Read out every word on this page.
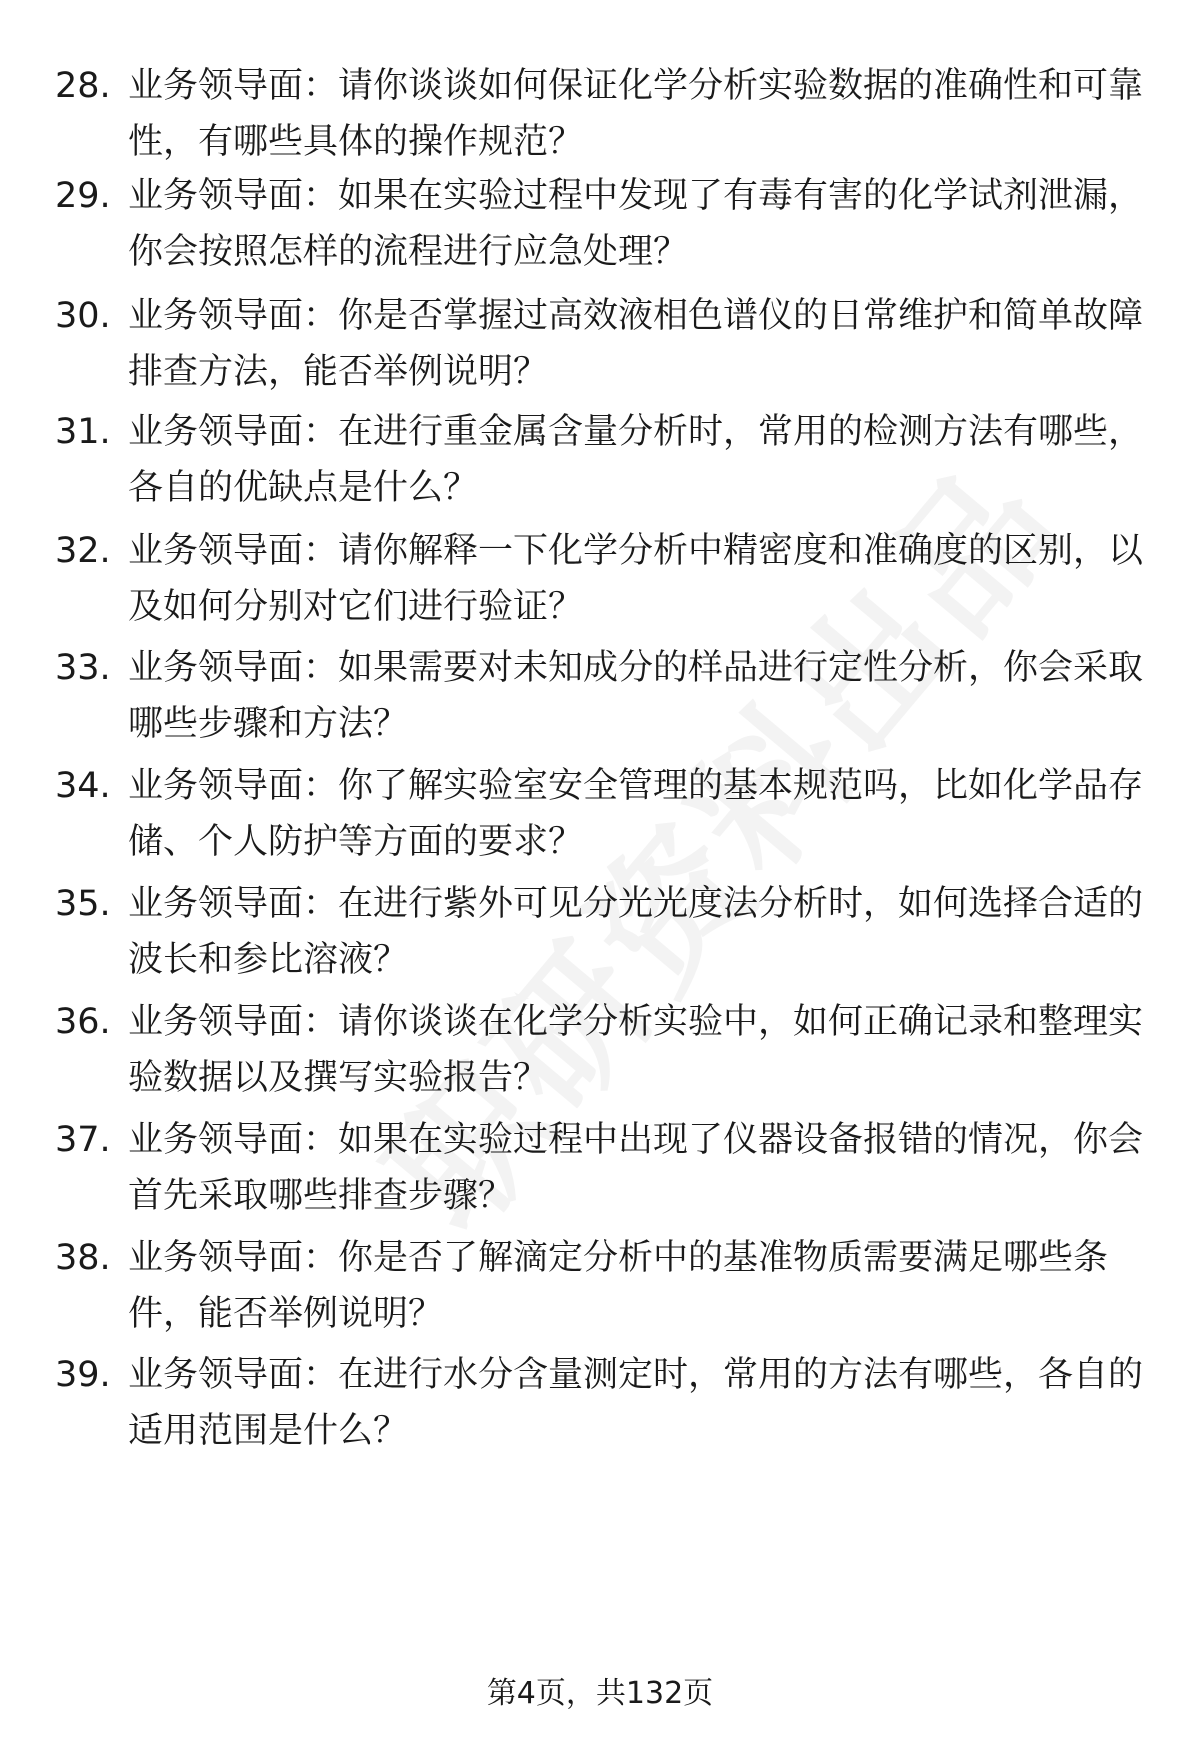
28. 业务领导面：请你谈谈如何保证化学分析实验数据的准确性和可靠性，有哪些具体的操作规范？
29. 业务领导面：如果在实验过程中发现了有毒有害的化学试剂泄漏，你会按照怎样的流程进行应急处理？
30. 业务领导面：你是否掌握过高效液相色谱仪的日常维护和简单故障排查方法，能否举例说明？
31. 业务领导面：在进行重金属含量分析时，常用的检测方法有哪些，各自的优缺点是什么？
32. 业务领导面：请你解释一下化学分析中精密度和准确度的区别，以及如何分别对它们进行验证？
33. 业务领导面：如果需要对未知成分的样品进行定性分析，你会采取哪些步骤和方法？
34. 业务领导面：你了解实验室安全管理的基本规范吗，比如化学品存储、个人防护等方面的要求？
35. 业务领导面：在进行紫外可见分光光度法分析时，如何选择合适的波长和参比溶液？
36. 业务领导面：请你谈谈在化学分析实验中，如何正确记录和整理实验数据以及撰写实验报告？
37. 业务领导面：如果在实验过程中出现了仪器设备报错的情况，你会首先采取哪些排查步骤？
38. 业务领导面：你是否了解滴定分析中的基准物质需要满足哪些条件，能否举例说明？
39. 业务领导面：在进行水分含量测定时，常用的方法有哪些，各自的适用范围是什么？
第4页，共132页
